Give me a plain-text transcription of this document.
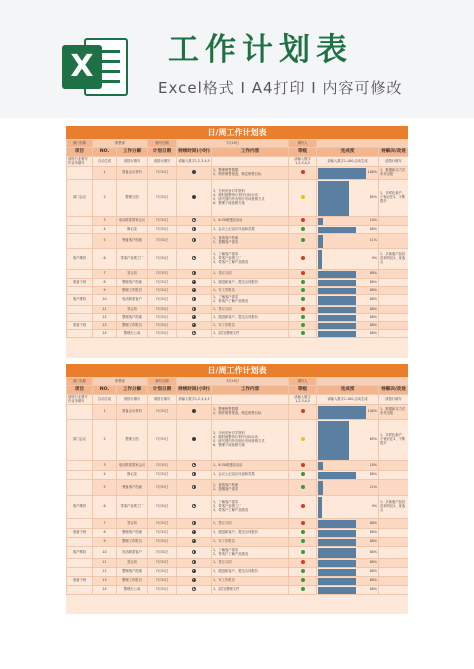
X 工作计划表
Excel格式 I A4打印 I 内容可修改
日/周工作计划表
部门名称	销售部		填写日期	7月29日		填写人		
项目	NO.	工作分解	计划日期	持续时间(小时)	工作内容	等级	完成度	待解决/改进
请按行业要写作业务填写	自动生成	请按行填写	请按行填写	请输入数字1,2,3,4,5		请输入数字1,2,3,4,5	请输入数字1-100,自动生成	请按行填写
	1	准备会议材料	7月31日		1、整理销售数据
2、制作销售报表，制定销售目标		100%	1、数据新实力式布作出报
部门会议	2	整理文档	7月31日		3、分析竞争对手资料
4、跟时画整持计划中目标行动
5、研究国内外各细分市场营销方式
6、整理下周营销方案		65%	1、多样化新产、个案应在2、不断提升
	3	电话联系国家会议	7月31日		1、8:30团建组活动		10%	

	4	修记录	7月31日		1、会议上记录议代表和效果		80%	

	5	筹备客户档案	7月31日		1、查看客户档案
2、提醒客户需求		11%	

客户维持	6	带客户参观工厂	7月31日		1、了解客户需求
2、带客户参观工厂
3、带客户了解产品情况		9%	1、多新惠产品信息和货仪2、优选点
	7	签合同	7月31日		1、签订合同		80%	

准备下班	8	整理客户档案	7月31日		1、跟进新客户，提交合同报价		80%	

	9	整理工作报告	7月31日		1、写工作报告		80%	

客户维持	10	电话联系客户	7月31日		1、了解客户需求
2、带客户了解产品情况		80%	

	11	签合同	7月31日		1、签订合同		80%	

	12	整理客户档案	7月31日		1、跟进新客户，提交合同报价		80%	

准备下班	13	整理工作报告	7月31日		1、写工作报告		80%	

	14	整理办公桌	7月31日		1、清扫/整理文件		80%	

日/周工作计划表
部门名称	销售部		填写日期	7月29日		填写人		
项目	NO.	工作分解	计划日期	持续时间(小时)	工作内容	等级	完成度	待解决/改进
请按行业要写作业务填写	自动生成	请按行填写	请按行填写	请输入数字1,2,3,4,5		请输入数字1,2,3,4,5	请输入数字1-100,自动生成	请按行填写
	1	准备会议材料	7月31日		1、整理销售数据
2、制作销售报表，制定销售目标		100%	1、数据新实力式布作出报
部门会议	2	整理文档	7月31日		3、分析竞争对手资料
4、跟时画整持计划中目标行动
5、研究国内外各细分市场营销方式
6、整理下周营销方案		65%	1、多样化新产、个案应在2、不断提升
	3	电话联系国家会议	7月31日		1、8:30团建组活动		10%	

	4	修记录	7月31日		1、会议上记录议代表和效果		80%	

	5	筹备客户档案	7月31日		1、查看客户档案
2、提醒客户需求		11%	

客户维持	6	带客户参观工厂	7月31日		1、了解客户需求
2、带客户参观工厂
3、带客户了解产品情况		9%	1、多新惠产品信息和货仪2、优选点
	7	签合同	7月31日		1、签订合同		80%	

准备下班	8	整理客户档案	7月31日		1、跟进新客户，提交合同报价		80%	

	9	整理工作报告	7月31日		1、写工作报告		80%	

客户维持	10	电话联系客户	7月31日		1、了解客户需求
2、带客户了解产品情况		80%	

	11	签合同	7月31日		1、签订合同		80%	

	12	整理客户档案	7月31日		1、跟进新客户，提交合同报价		80%	

准备下班	13	整理工作报告	7月31日		1、写工作报告		80%	

	14	整理办公桌	7月31日		1、清扫/整理文件		80%	
